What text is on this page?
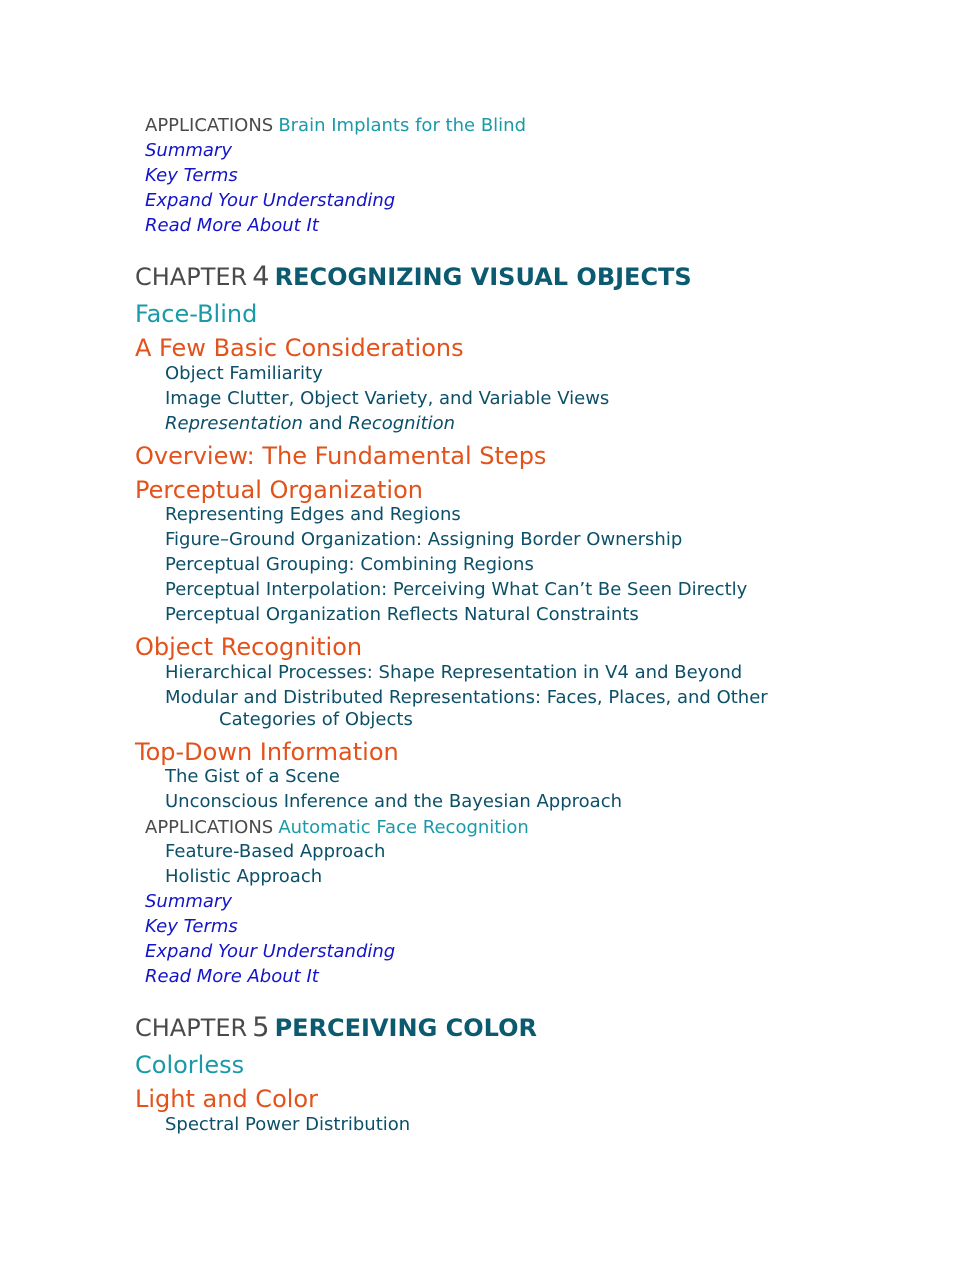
APPLICATIONS Brain Implants for the Blind
Summary
Key Terms
Expand Your Understanding
Read More About It
CHAPTER 4 RECOGNIZING VISUAL OBJECTS
Face-Blind
A Few Basic Considerations
Object Familiarity
Image Clutter, Object Variety, and Variable Views
Representation and Recognition
Overview: The Fundamental Steps
Perceptual Organization
Representing Edges and Regions
Figure–Ground Organization: Assigning Border Ownership
Perceptual Grouping: Combining Regions
Perceptual Interpolation: Perceiving What Can’t Be Seen Directly
Perceptual Organization Reflects Natural Constraints
Object Recognition
Hierarchical Processes: Shape Representation in V4 and Beyond
Modular and Distributed Representations: Faces, Places, and Other
Categories of Objects
Top-Down Information
The Gist of a Scene
Unconscious Inference and the Bayesian Approach
APPLICATIONS Automatic Face Recognition
Feature-Based Approach
Holistic Approach
Summary
Key Terms
Expand Your Understanding
Read More About It
CHAPTER 5 PERCEIVING COLOR
Colorless
Light and Color
Spectral Power Distribution
